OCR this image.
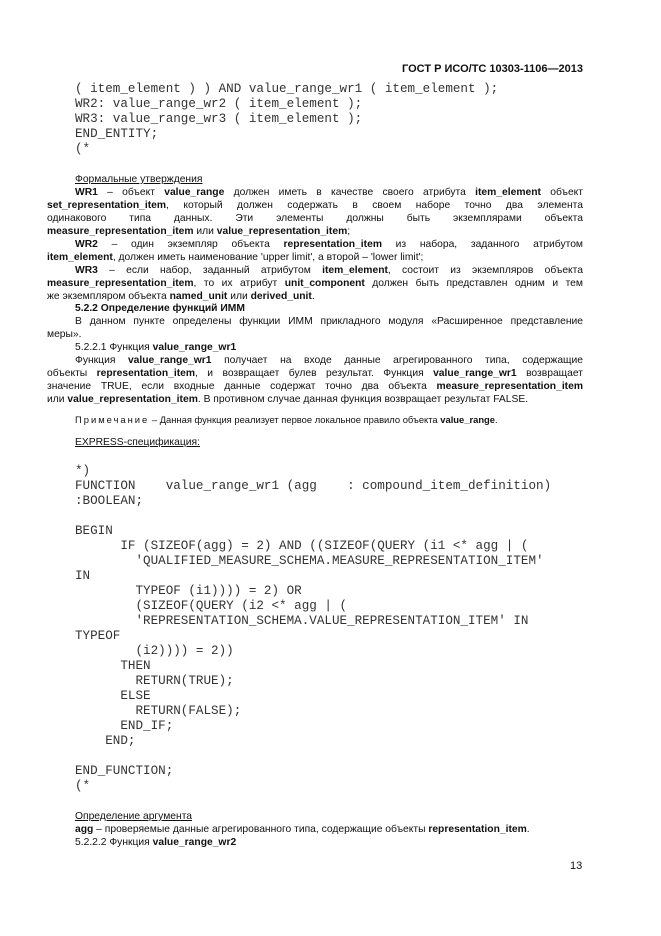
ГОСТ Р ИСО/ТС 10303-1106—2013
( item_element ) ) AND value_range_wr1 ( item_element );
WR2: value_range_wr2 ( item_element );
WR3: value_range_wr3 ( item_element );
END_ENTITY;
(*
Формальные утверждения
WR1 – объект value_range должен иметь в качестве своего атрибута item_element объект
set_representation_item, который должен содержать в своем наборе точно два элемента
одинакового типа данных. Эти элементы должны быть экземплярами объекта
measure_representation_item или value_representation_item;
WR2 – один экземпляр объекта representation_item из набора, заданного атрибутом
item_element, должен иметь наименование 'upper limit', а второй – 'lower limit';
WR3 – если набор, заданный атрибутом item_element, состоит из экземпляров объекта
measure_representation_item, то их атрибут unit_component должен быть представлен одним и тем
же экземпляром объекта named_unit или derived_unit.
5.2.2 Определение функций ИММ
В данном пункте определены функции ИММ прикладного модуля «Расширенное представление
меры».
5.2.2.1 Функция value_range_wr1
Функция value_range_wr1 получает на входе данные агрегированного типа, содержащие
объекты representation_item, и возвращает булев результат. Функция value_range_wr1 возвращает
значение TRUE, если входные данные содержат точно два объекта measure_representation_item
или value_representation_item. В противном случае данная функция возвращает результат FALSE.
Примечание – Данная функция реализует первое локальное правило объекта value_range.
EXPRESS-спецификация:
*)
FUNCTION    value_range_wr1 (agg    : compound_item_definition)
:BOOLEAN;
BEGIN
IF (SIZEOF(agg) = 2) AND ((SIZEOF(QUERY (i1 <* agg | (
'QUALIFIED_MEASURE_SCHEMA.MEASURE_REPRESENTATION_ITEM'
IN
TYPEOF (i1)))) = 2) OR
(SIZEOF(QUERY (i2 <* agg | (
'REPRESENTATION_SCHEMA.VALUE_REPRESENTATION_ITEM' IN
TYPEOF
(i2)))) = 2))
THEN
RETURN(TRUE);
ELSE
RETURN(FALSE);
END_IF;
END;
END_FUNCTION;
(*
Определение аргумента
agg – проверяемые данные агрегированного типа, содержащие объекты representation_item.
5.2.2.2 Функция value_range_wr2
13
